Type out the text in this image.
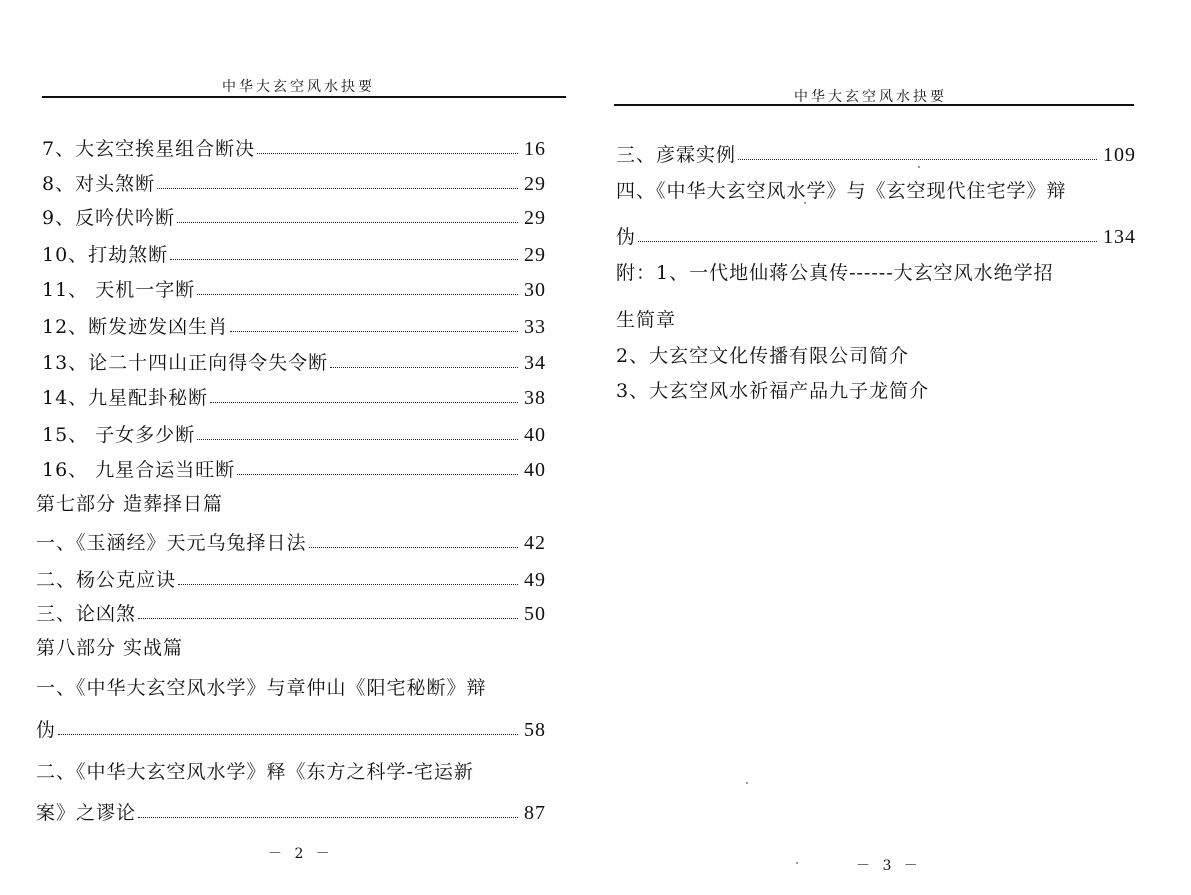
中华大玄空风水抉要
7、大玄空挨星组合断决	16
8、对头煞断	29
9、反吟伏吟断	29
10、打劫煞断	29
11、 天机一字断	30
12、断发迹发凶生肖	33
13、论二十四山正向得令失令断	34
14、九星配卦秘断	38
15、 子女多少断	40
16、 九星合运当旺断	40
第七部分 造葬择日篇
一、《玉涵经》天元乌兔择日法	42
二、杨公克应诀	49
三、论凶煞	50
第八部分 实战篇
一、《中华大玄空风水学》与章仲山《阳宅秘断》辩
伪	58
二、《中华大玄空风水学》释《东方之科学-宅运新
案》之谬论	87
－ 2 －
中华大玄空风水抉要
三、彦霖实例	109
四、《中华大玄空风水学》与《玄空现代住宅学》辩
伪	134
附：1、一代地仙蒋公真传------大玄空风水绝学招
生简章
2、大玄空文化传播有限公司简介
3、大玄空风水祈福产品九子龙简介
－ 3 －
